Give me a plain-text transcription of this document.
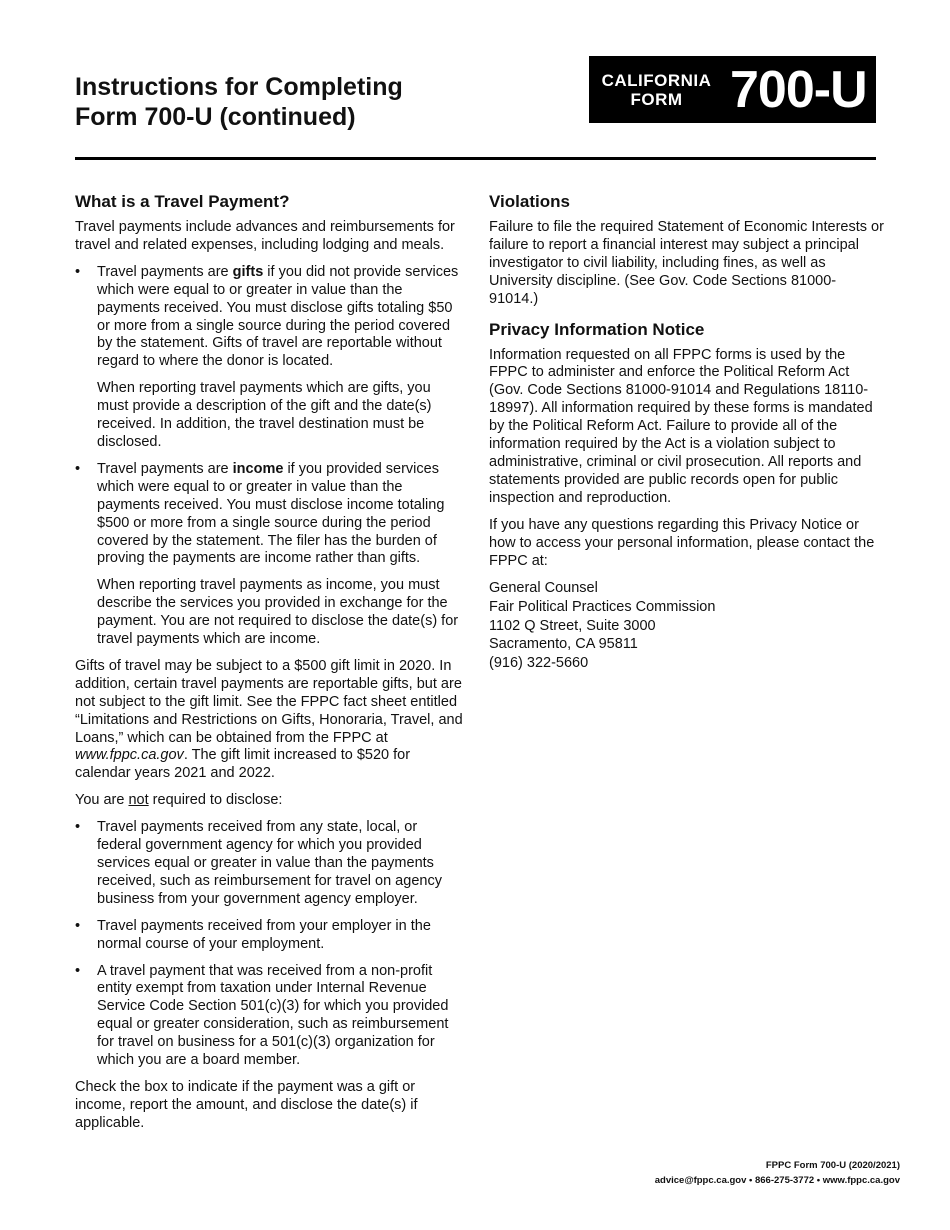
Instructions for Completing
Form 700-U (continued)
CALIFORNIA
FORM 700-U
What is a Travel Payment?

Travel payments include advances and reimbursements for travel and related expenses, including lodging and meals.

• Travel payments are gifts if you did not provide services which were equal to or greater in value than the payments received. You must disclose gifts totaling $50 or more from a single source during the period covered by the statement. Gifts of travel are reportable without regard to where the donor is located.

When reporting travel payments which are gifts, you must provide a description of the gift and the date(s) received. In addition, the travel destination must be disclosed.

• Travel payments are income if you provided services which were equal to or greater in value than the payments received. You must disclose income totaling $500 or more from a single source during the period covered by the statement. The filer has the burden of proving the payments are income rather than gifts.

When reporting travel payments as income, you must describe the services you provided in exchange for the payment. You are not required to disclose the date(s) for travel payments which are income.

Gifts of travel may be subject to a $500 gift limit in 2020. In addition, certain travel payments are reportable gifts, but are not subject to the gift limit. See the FPPC fact sheet entitled “Limitations and Restrictions on Gifts, Honoraria, Travel, and Loans,” which can be obtained from the FPPC at www.fppc.ca.gov. The gift limit increased to $520 for calendar years 2021 and 2022.

You are not required to disclose:

• Travel payments received from any state, local, or federal government agency for which you provided services equal or greater in value than the payments received, such as reimbursement for travel on agency business from your government agency employer.
• Travel payments received from your employer in the normal course of your employment.
• A travel payment that was received from a non-profit entity exempt from taxation under Internal Revenue Service Code Section 501(c)(3) for which you provided equal or greater consideration, such as reimbursement for travel on business for a 501(c)(3) organization for which you are a board member.

Check the box to indicate if the payment was a gift or income, report the amount, and disclose the date(s) if applicable.

Violations

Failure to file the required Statement of Economic Interests or failure to report a financial interest may subject a principal investigator to civil liability, including fines, as well as University discipline. (See Gov. Code Sections 81000-91014.)

Privacy Information Notice

Information requested on all FPPC forms is used by the FPPC to administer and enforce the Political Reform Act (Gov. Code Sections 81000-91014 and Regulations 18110-18997). All information required by these forms is mandated by the Political Reform Act. Failure to provide all of the information required by the Act is a violation subject to administrative, criminal or civil prosecution. All reports and statements provided are public records open for public inspection and reproduction.

If you have any questions regarding this Privacy Notice or how to access your personal information, please contact the FPPC at:

General Counsel
Fair Political Practices Commission
1102 Q Street, Suite 3000
Sacramento, CA 95811
(916) 322-5660
FPPC Form 700-U (2020/2021)
advice@fppc.ca.gov • 866-275-3772 • www.fppc.ca.gov
